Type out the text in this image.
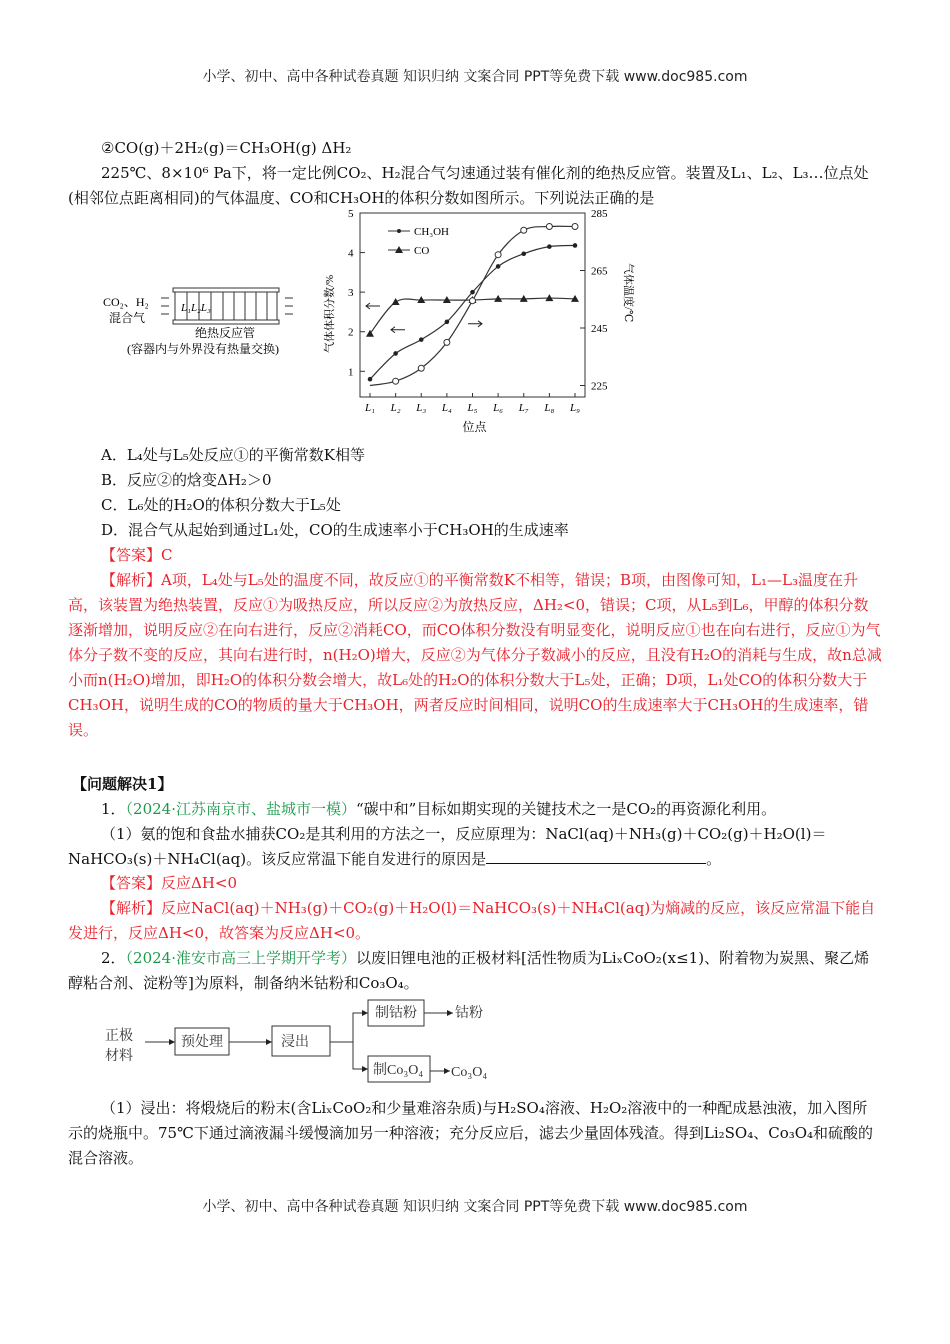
小学、初中、高中各种试卷真题 知识归纳 文案合同 PPT等免费下载 www.doc985.com
②CO(g)＋2H₂(g)＝CH₃OH(g) ΔH₂
225℃、8×10⁶ Pa下，将一定比例CO₂、H₂混合气匀速通过装有催化剂的绝热反应管。装置及L₁、L₂、L₃…位点处(相邻位点距离相同)的气体温度、CO和CH₃OH的体积分数如图所示。下列说法正确的是
CO₂、H₂
混合气
L₁L₂L₃
绝热反应管
(容器内与外界没有热量交换)
1
2
3
4
5
225
245
265
285
L₁ L₂ L₃ L₄ L₅ L₆ L₇ L₈ L₉
位点
气体体积分数/%	气体温度/℃
CH₃OH
CO
A．L₄处与L₅处反应①的平衡常数K相等
B．反应②的焓变ΔH₂＞0
C．L₆处的H₂O的体积分数大于L₅处
D．混合气从起始到通过L₁处，CO的生成速率小于CH₃OH的生成速率
【答案】C
【解析】A项，L₄处与L₅处的温度不同，故反应①的平衡常数K不相等，错误；B项，由图像可知，L₁—L₃温度在升高，该装置为绝热装置，反应①为吸热反应，所以反应②为放热反应，ΔH₂<0，错误；C项，从L₅到L₆，甲醇的体积分数逐渐增加，说明反应②在向右进行，反应②消耗CO，而CO体积分数没有明显变化，说明反应①也在向右进行，反应①为气体分子数不变的反应，其向右进行时，n(H₂O)增大，反应②为气体分子数减小的反应，且没有H₂O的消耗与生成，故n总减小而n(H₂O)增加，即H₂O的体积分数会增大，故L₆处的H₂O的体积分数大于L₅处，正确；D项，L₁处CO的体积分数大于CH₃OH，说明生成的CO的物质的量大于CH₃OH，两者反应时间相同，说明CO的生成速率大于CH₃OH的生成速率，错误。
【问题解决1】
1．（2024·江苏南京市、盐城市一模）“碳中和”目标如期实现的关键技术之一是CO₂的再资源化利用。
（1）氨的饱和食盐水捕获CO₂是其利用的方法之一，反应原理为：NaCl(aq)＋NH₃(g)＋CO₂(g)＋H₂O(l)＝NaHCO₃(s)＋NH₄Cl(aq)。该反应常温下能自发进行的原因是	。
【答案】反应ΔH<0
【解析】反应NaCl(aq)＋NH₃(g)＋CO₂(g)＋H₂O(l)＝NaHCO₃(s)＋NH₄Cl(aq)为熵减的反应，该反应常温下能自发进行，反应ΔH<0，故答案为反应ΔH<0。
2．（2024·淮安市高三上学期开学考）以废旧锂电池的正极材料[活性物质为LiₓCoO₂(x≤1)、附着物为炭黑、聚乙烯醇粘合剂、淀粉等]为原料，制备纳米钴粉和Co₃O₄。
正极
材料
预处理	浸出
制钴粉	钴粉
制Co₃O₄ Co₃O₄
（1）浸出：将煅烧后的粉末(含LiₓCoO₂和少量难溶杂质)与H₂SO₄溶液、H₂O₂溶液中的一种配成悬浊液，加入图所示的烧瓶中。75℃下通过滴液漏斗缓慢滴加另一种溶液；充分反应后，滤去少量固体残渣。得到Li₂SO₄、Co₃O₄和硫酸的混合溶液。
小学、初中、高中各种试卷真题 知识归纳 文案合同 PPT等免费下载 www.doc985.com
